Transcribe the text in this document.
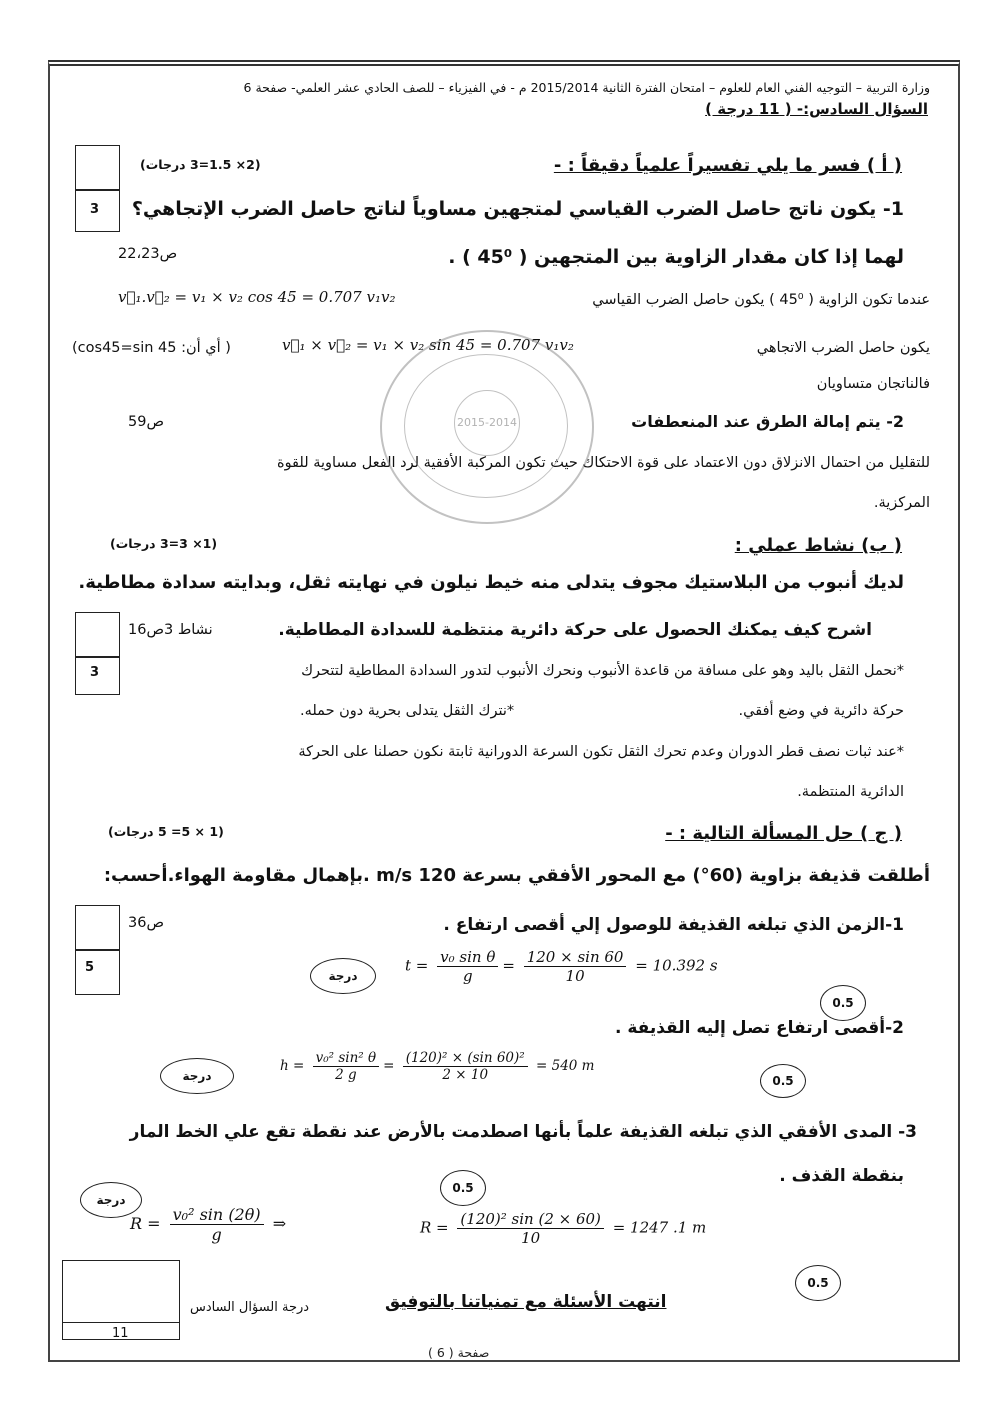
وزارة التربية – التوجيه الفني العام للعلوم – امتحان الفترة الثانية 2015/2014 م - في الفيزياء – للصف الحادي عشر العلمي- صفحة 6
السؤال السادس:- ( 11 درجة )
( أ ) فسر ما يلي تفسيراً علمياً دقيقاً : -
(2× 1.5=3 درجات)
3 1- يكون ناتج حاصل الضرب القياسي لمتجهين مساوياً لناتج حاصل الضرب الإتجاهي؟
ص22،23	لهما إذا كان مقدار الزاوية بين المتجهين ( 45⁰ ) .
عندما تكون الزاوية ( 45⁰ ) يكون حاصل الضرب القياسي
v⃗₁.v⃗₂ = v₁ × v₂ cos 45 = 0.707 v₁v₂
يكون حاصل الضرب الاتجاهي
v⃗₁ × v⃗₂ = v₁ × v₂ sin 45 = 0.707 v₁v₂
( أي أن: cos45=sin 45)
فالناتجان متساويان
2- يتم إمالة الطرق عند المنعطفات
ص59
للتقليل من احتمال الانزلاق دون الاعتماد على قوة الاحتكاك حيث تكون المركبة الأفقية لرد الفعل مساوية للقوة
المركزية.
2015-2014
( ب) نشاط عملي :
(1× 3=3 درجات)
لديك أنبوب من البلاستيك مجوف يتدلى منه خيط نيلون في نهايته ثقل، وبدايته سدادة مطاطية.
3
اشرح كيف يمكنك الحصول على حركة دائرية منتظمة للسدادة المطاطية.
نشاط 3ص16
*نحمل الثقل باليد وهو على مسافة من قاعدة الأنبوب ونحرك الأنبوب لتدور السدادة المطاطية لتتحرك
حركة دائرية في وضع أفقي.
*نترك الثقل يتدلى بحرية دون حمله.
*عند ثبات نصف قطر الدوران وعدم تحرك الثقل تكون السرعة الدورانية ثابتة نكون حصلنا على الحركة
الدائرية المنتظمة.
( ج ) حل المسألة التالية : -
(1 × 5= 5 درجات)
أطلقت قذيفة بزاوية (60°) مع المحور الأفقي بسرعة 120 m/s .بإهمال مقاومة الهواء.أحسب:
5
ص36	1-الزمن الذي تبلغه القذيفة للوصول إلي أقصى ارتفاع .
درجة
$t = \frac{\text{v₀ sin θ}}{g} = \frac{120 \times \sin 60}{10} = 10.392$ s
0.5
2-أقصى ارتفاع تصل إليه القذيفة .
درجة
$h = \frac{\text{v₀² sin² θ}}{2 g} = \frac{\text{(120)² × (sin 60)²}}{2 \times 10} = 540$ m
0.5
3- المدى الأفقي الذي تبلغه القذيفة علماً بأنها اصطدمت بالأرض عند نقطة تقع علي الخط المار
بنقطة القذف .
درجة
$R = \frac{\text{v₀² sin (2θ)}}{g}$ ⇒
0.5
$R = \frac{\text{(120)² sin (2 × 60)}}{10} = 1247$ .1 m
0.5
11
درجة السؤال السادس	انتهت الأسئلة مع تمنياتنا بالتوفيق
صفحة ( 6 )
